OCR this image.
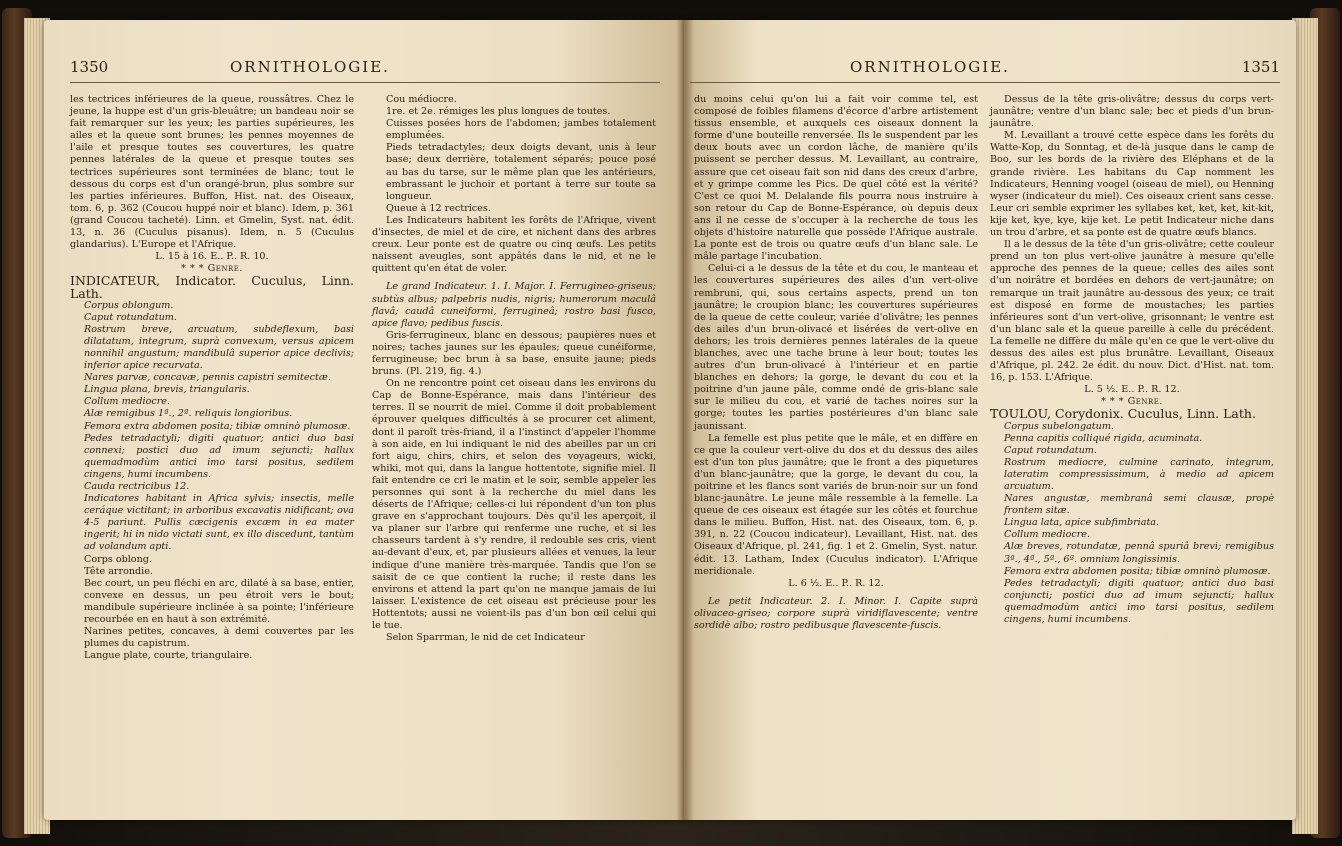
1350	ORNITHOLOGIE.	ORNITHOLOGIE.	1351

les tectrices inférieures de la queue, roussâtres. Chez le jeune, la huppe est d'un gris-bleuâtre; un bandeau noir se fait remarquer sur les yeux; les parties supérieures, les ailes et la queue sont brunes; les pennes moyennes de l'aile et presque toutes ses couvertures, les quatre pennes latérales de la queue et presque toutes ses tectrices supérieures sont terminées de blanc; tout le dessous du corps est d'un orangé-brun, plus sombre sur les parties inférieures. Buffon, Hist. nat. des Oiseaux, tom. 6, p. 362 (Coucou huppé noir et blanc). Idem, p. 361 (grand Coucou tacheté). Linn. et Gmelin, Syst. nat. édit. 13, n. 36 (Cuculus pisanus). Idem, n. 5 (Cuculus glandarius). L'Europe et l'Afrique.

L. 15 à 16. E.. P.. R. 10.

* * * Genre.

INDICATEUR, Indicator. Cuculus, Linn. Lath.

Corpus oblongum.

Caput rotundatum.

Rostrum breve, arcuatum, subdeflexum, basi dilatatum, integrum, suprà convexum, versus apicem nonnihil angustum; mandibulâ superior apice declivis; inferior apice recurvata.

Nares parvæ, concavæ, pennis capistri semitectæ.

Lingua plana, brevis, triangularis.

Collum mediocre.

Alæ remigibus 1ª., 2ª. reliquis longioribus.

Femora extra abdomen posita; tibiæ omninò plumosæ.

Pedes tetradactyli; digiti quatuor; antici duo basi connexi; postici duo ad imum sejuncti; hallux quemadmodùm antici imo tarsi positus, sedilem cingens, humi incumbens.

Cauda rectricibus 12.

Indicatores habitant in Africa sylvis; insectis, melle ceráque victitant; in arboribus excavatis nidificant; ova 4-5 pariunt. Pullis cæcigenis excæm in ea mater ingerit; hi in nido victati sunt, ex illo discedunt, tantùm ad volandum apti.

Corps oblong.

Tête arrondie.

Bec court, un peu fléchi en arc, dilaté à sa base, entier, convexe en dessus, un peu étroit vers le bout; mandibule supérieure inclinée à sa pointe; l'inférieure recourbée en en haut à son extrémité.

Narines petites, concaves, à demi couvertes par les plumes du capistrum.

Langue plate, courte, triangulaire.

Cou médiocre.

1re. et 2e. rémiges les plus longues de toutes.

Cuisses posées hors de l'abdomen; jambes totalement emplumées.

Pieds tetradactyles; deux doigts devant, unis à leur base; deux derrière, totalement séparés; pouce posé au bas du tarse, sur le même plan que les antérieurs, embrassant le juchoir et portant à terre sur toute sa longueur.

Queue à 12 rectrices.

Les Indicateurs habitent les forêts de l'Afrique, vivent d'insectes, de miel et de cire, et nichent dans des arbres creux. Leur ponte est de quatre ou cinq œufs. Les petits naissent aveugles, sont appâtés dans le nid, et ne le quittent qu'en état de voler.

Le grand Indicateur. 1. I. Major. I. Ferrugineo-griseus; subtùs albus; palpebris nudis, nigris; humerorum maculâ flavâ; caudâ cuneiformi, ferrugineâ; rostro basi fusco, apice flavo; pedibus fuscis.

Gris-ferrugineux, blanc en dessous; paupières nues et noires; taches jaunes sur les épaules; queue cunéiforme, ferrugineuse; bec brun à sa base, ensuite jaune; pieds bruns. (Pl. 219, fig. 4.)

On ne rencontre point cet oiseau dans les environs du Cap de Bonne-Espérance, mais dans l'intérieur des terres. Il se nourrit de miel. Comme il doit probablement éprouver quelques difficultés à se procurer cet aliment, dont il paroît très-friand, il a l'instinct d'appeler l'homme à son aide, en lui indiquant le nid des abeilles par un cri fort aigu, chirs, chirs, et selon des voyageurs, wicki, whiki, mot qui, dans la langue hottentote, signifie miel. Il fait entendre ce cri le matin et le soir, semble appeler les personnes qui sont à la recherche du miel dans les déserts de l'Afrique; celles-ci lui répondent d'un ton plus grave en s'approchant toujours. Dès qu'il les aperçoit, il va planer sur l'arbre qui renferme une ruche, et si les chasseurs tardent à s'y rendre, il redouble ses cris, vient au-devant d'eux, et, par plusieurs allées et venues, la leur indique d'une manière très-marquée. Tandis que l'on se saisit de ce que contient la ruche; il reste dans les environs et attend la part qu'on ne manque jamais de lui laisser. L'existence de cet oiseau est précieuse pour les Hottentots; aussi ne voient-ils pas d'un bon œil celui qui le tue.

Selon Sparrman, le nid de cet Indicateur

du moins celui qu'on lui a fait voir comme tel, est composé de foibles filamens d'écorce d'arbre artistement tissus ensemble, et auxquels ces oiseaux donnent la forme d'une bouteille renversée. Ils le suspendent par les deux bouts avec un cordon lâche, de manière qu'ils puissent se percher dessus. M. Levaillant, au contraire, assure que cet oiseau fait son nid dans des creux d'arbre, et y grimpe comme les Pics. De quel côté est la vérité? C'est ce quoi M. Delalande fils pourra nous instruire à son retour du Cap de Bonne-Espérance, où depuis deux ans il ne cesse de s'occuper à la recherche de tous les objets d'histoire naturelle que possède l'Afrique australe. La ponte est de trois ou quatre œufs d'un blanc sale. Le mâle partage l'incubation.

Celui-ci a le dessus de la tête et du cou, le manteau et les couvertures supérieures des ailes d'un vert-olive rembruni, qui, sous certains aspects, prend un ton jaunâtre; le croupion blanc; les couvertures supérieures de la queue de cette couleur, variée d'olivâtre; les pennes des ailes d'un brun-olivacé et lisérées de vert-olive en dehors; les trois dernières pennes latérales de la queue blanches, avec une tache brune à leur bout; toutes les autres d'un brun-olivacé à l'intérieur et en partie blanches en dehors; la gorge, le devant du cou et la poitrine d'un jaune pâle, comme ondé de gris-blanc sale sur le milieu du cou, et varié de taches noires sur la gorge; toutes les parties postérieures d'un blanc sale jaunissant.

La femelle est plus petite que le mâle, et en diffère en ce que la couleur vert-olive du dos et du dessus des ailes est d'un ton plus jaunâtre; que le front a des piquetures d'un blanc-jaunâtre; que la gorge, le devant du cou, la poitrine et les flancs sont variés de brun-noir sur un fond blanc-jaunâtre. Le jeune mâle ressemble à la femelle. La queue de ces oiseaux est étagée sur les côtés et fourchue dans le milieu. Buffon, Hist. nat. des Oiseaux, tom. 6, p. 391, n. 22 (Coucou indicateur). Levaillant, Hist. nat. des Oiseaux d'Afrique, pl. 241, fig. 1 et 2. Gmelin, Syst. natur. édit. 13. Latham, Index (Cuculus indicator). L'Afrique meridionale.

L. 6 ½. E.. P.. R. 12.

Le petit Indicateur. 2. I. Minor. I. Capite suprà olivaceo-griseo; corpore suprà viridiflavescente; ventre sordidè albo; rostro pedibusque flavescente-fuscis.

Dessus de la tête gris-olivâtre; dessus du corps vert-jaunâtre; ventre d'un blanc sale; bec et pieds d'un brun-jaunâtre.

M. Levaillant a trouvé cette espèce dans les forêts du Watte-Kop, du Sonntag, et de-là jusque dans le camp de Boo, sur les bords de la rivière des Eléphans et de la grande rivière. Les habitans du Cap nomment les Indicateurs, Henning voogel (oiseau de miel), ou Henning wyser (indicateur du miel). Ces oiseaux crient sans cesse. Leur cri semble exprimer les syllabes ket, ket, ket, kit-kit, kije ket, kye, kye, kije ket. Le petit Indicateur niche dans un trou d'arbre, et sa ponte est de quatre œufs blancs.

Il a le dessus de la tête d'un gris-olivâtre; cette couleur prend un ton plus vert-olive jaunâtre à mesure qu'elle approche des pennes de la queue; celles des ailes sont d'un noirâtre et bordées en dehors de vert-jaunâtre; on remarque un trait jaunâtre au-dessous des yeux; ce trait est disposé en forme de moustaches; les parties inférieures sont d'un vert-olive, grisonnant; le ventre est d'un blanc sale et la queue pareille à celle du précédent. La femelle ne diffère du mâle qu'en ce que le vert-olive du dessus des ailes est plus brunâtre. Levaillant, Oiseaux d'Afrique, pl. 242. 2e édit. du nouv. Dict. d'Hist. nat. tom. 16, p. 153. L'Afrique.

L. 5 ½. E.. P.. R. 12.

* * * Genre.

TOULOU, Corydonix. Cuculus, Linn. Lath.

Corpus subelongatum.

Penna capitis colliqué rigida, acuminata.

Caput rotundatum.

Rostrum mediocre, culmine carinato, integrum, lateratim compressissimum, à medio ad apicem arcuatum.

Nares angustæ, membranâ semi clausæ, propè frontem sitæ.

Lingua lata, apice subfimbriata.

Collum mediocre.

Alæ breves, rotundatæ, pennâ spuriâ brevi; remigibus 3ª., 4ª., 5ª., 6ª. omnium longissimis.

Femora extra abdomen posita; tibiæ omninò plumosæ.

Pedes tetradactyli; digiti quatuor; antici duo basi conjuncti; postici duo ad imum sejuncti; hallux quemadmodùm antici imo tarsi positus, sedilem cingens, humi incumbens.
